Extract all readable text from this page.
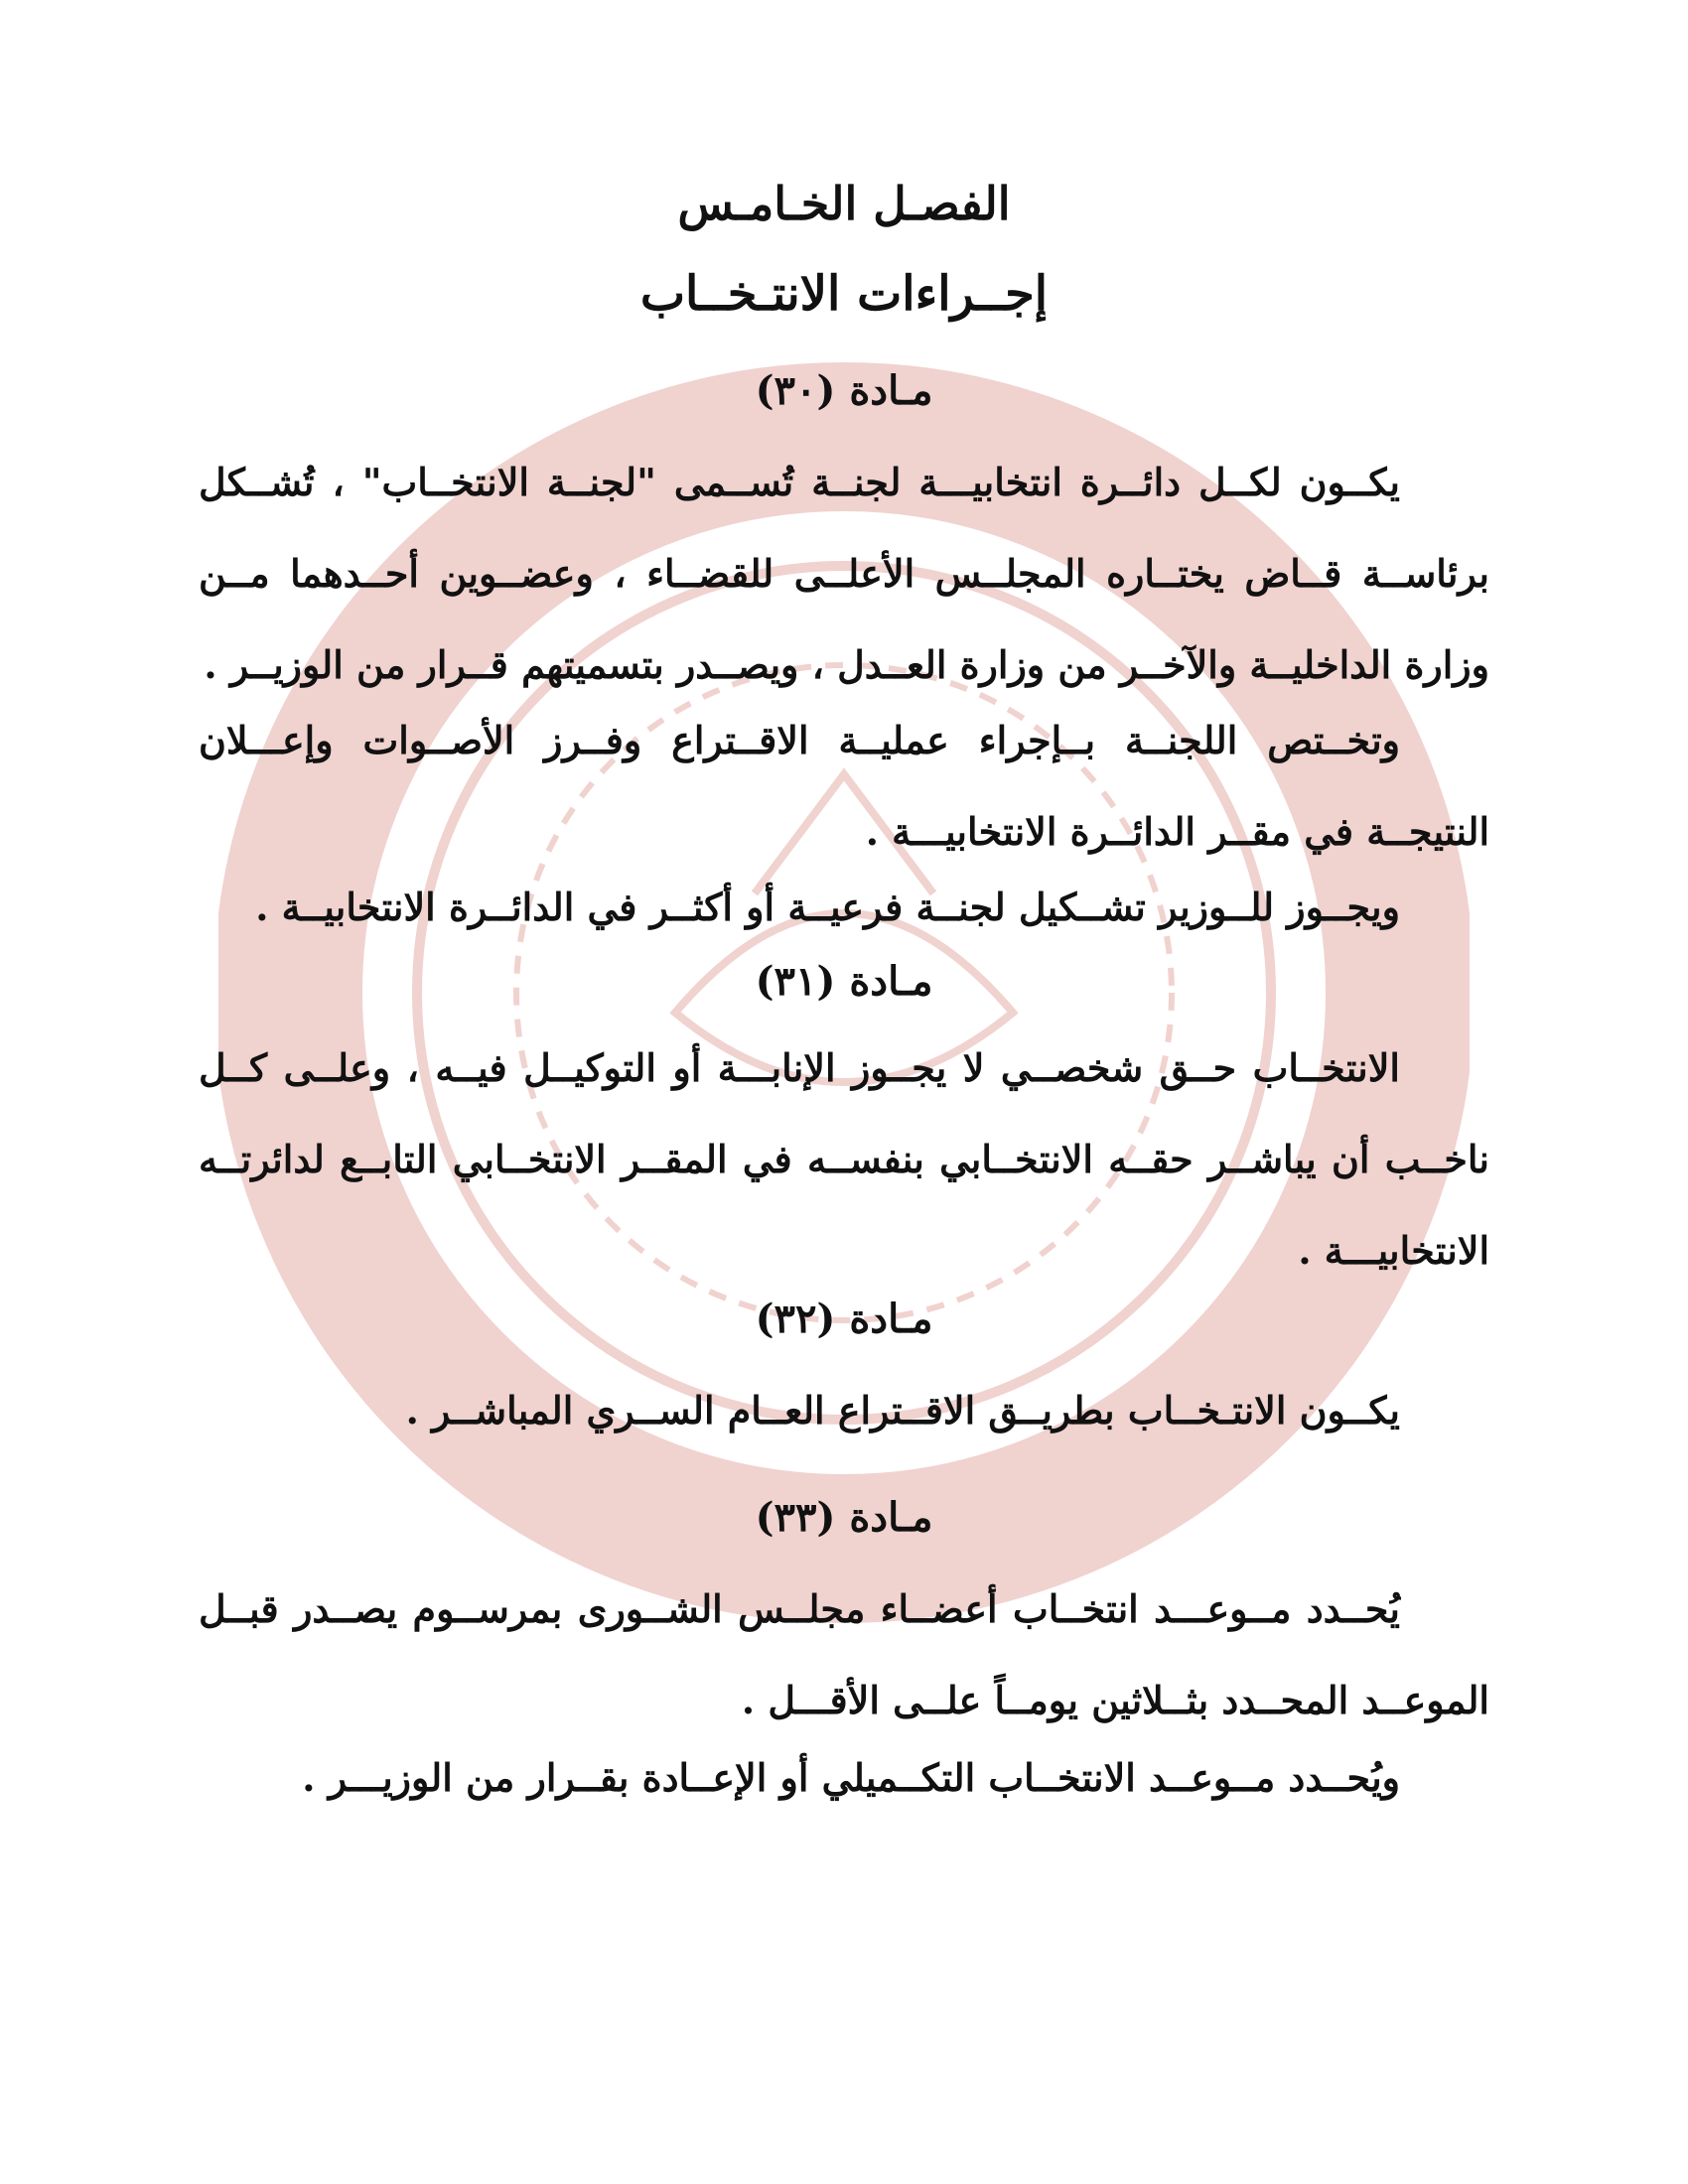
الفصـل الخـامـس
إجــراءات الانتـخــاب
مـادة (٣٠)

يكــون لكــل دائــرة انتخابيـــة لجنــة تُســمى "لجنــة الانتخــاب" ، تُشــكل برئاســة قــاض يختــاره المجلــس الأعلــى للقضــاء ، وعضــوين أحــدهما مــن وزارة الداخليــة والآخــر من وزارة العــدل ، ويصــدر بتسميتهم قــرار من الوزيــر .

وتخــتص اللجنــة بــإجراء عمليــة الاقــتراع وفــرز الأصــوات وإعـــلان النتيجــة في مقــر الدائــرة الانتخابيـــة .

ويجــوز للــوزير تشــكيل لجنــة فرعيــة أو أكثــر في الدائــرة الانتخابيــة .

مـادة (٣١)

الانتخــاب حــق شخصــي لا يجــوز الإنابـــة أو التوكيــل فيــه ، وعلــى كــل ناخــب أن يباشــر حقــه الانتخــابي بنفســه في المقــر الانتخــابي التابــع لدائرتــه الانتخابيـــة .

مـادة (٣٢)

يكــون الانتـخــاب بطريــق الاقــتراع العــام الســري المباشــر .

مـادة (٣٣)

يُحــدد مــوعـــد انتخــاب أعضــاء مجلــس الشــورى بمرســوم يصــدر قبــل الموعــد المحــدد بثــلاثين يومــاً علــى الأقـــل .

ويُحــدد مــوعــد الانتخــاب التكــميلي أو الإعــادة بقــرار من الوزيـــر .
